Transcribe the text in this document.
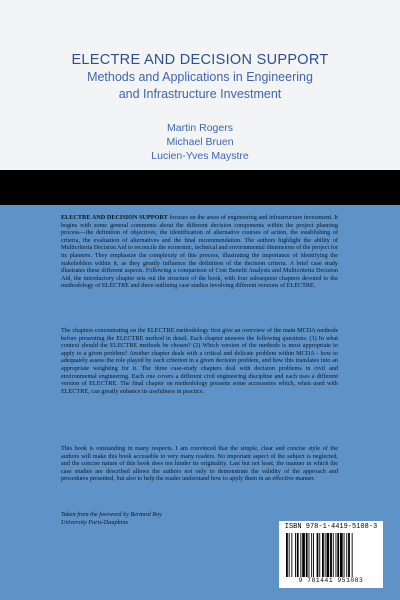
ELECTRE AND DECISION SUPPORT
Methods and Applications in Engineering
and Infrastructure Investment
Martin Rogers
Michael Bruen
Lucien-Yves Maystre
ELECTRE AND DECISION SUPPORT focuses on the areas of engineering and infrastructure investment. It begins with some general comments about the different decision components within the project planning process—the definition of objectives, the identification of alternative courses of action, the establishing of criteria, the evaluation of alternatives and the final recommendation. The authors highlight the ability of Multicriteria Decision Aid to reconcile the economic, technical and environmental dimensions of the project for its planners. They emphasize the complexity of this process, illustrating the importance of identifying the stakeholders within it, as they greatly influence the definition of the decision criteria. A brief case study illustrates these different aspects. Following a comparison of Cost Benefit Analysis and Multicriteria Decision Aid, the introductory chapter sets out the structure of the book, with four subsequent chapters devoted to the methodology of ELECTRE and three outlining case studies involving different versions of ELECTRE.
The chapters concentrating on the ELECTRE methodology first give an overview of the main MCDA methods before presenting the ELECTRE method in detail. Each chapter answers the following questions: (1) In what context should the ELECTRE methods be chosen? (2) Which version of the methods is most appropriate to apply to a given problem? Another chapter deals with a critical and delicate problem within MCDA - how to adequately assess the role played by each criterion in a given decision problem, and how this translates into an appropriate weighting for it. The three case-study chapters deal with decision problems in civil and environmental engineering. Each one covers a different civil engineering discipline and each uses a different version of ELECTRE. The final chapter on methodology presents some accessories which, when used with ELECTRE, can greatly enhance its usefulness in practice.
This book is outstanding in many respects. I am convinced that the simple, clear and concise style of the authors will make this book accessible to very many readers. No important aspect of the subject is neglected, and the concise nature of this book does not hinder its originality. Last but not least, the manner in which the case studies are described allows the authors not only to demonstrate the validity of the approach and procedures presented, but also to help the reader understand how to apply them in an effective manner.
Taken from the foreword by Bernard Roy
University Paris-Dauphine
ISBN 978-1-4419-5108-3
9 781441 951083
